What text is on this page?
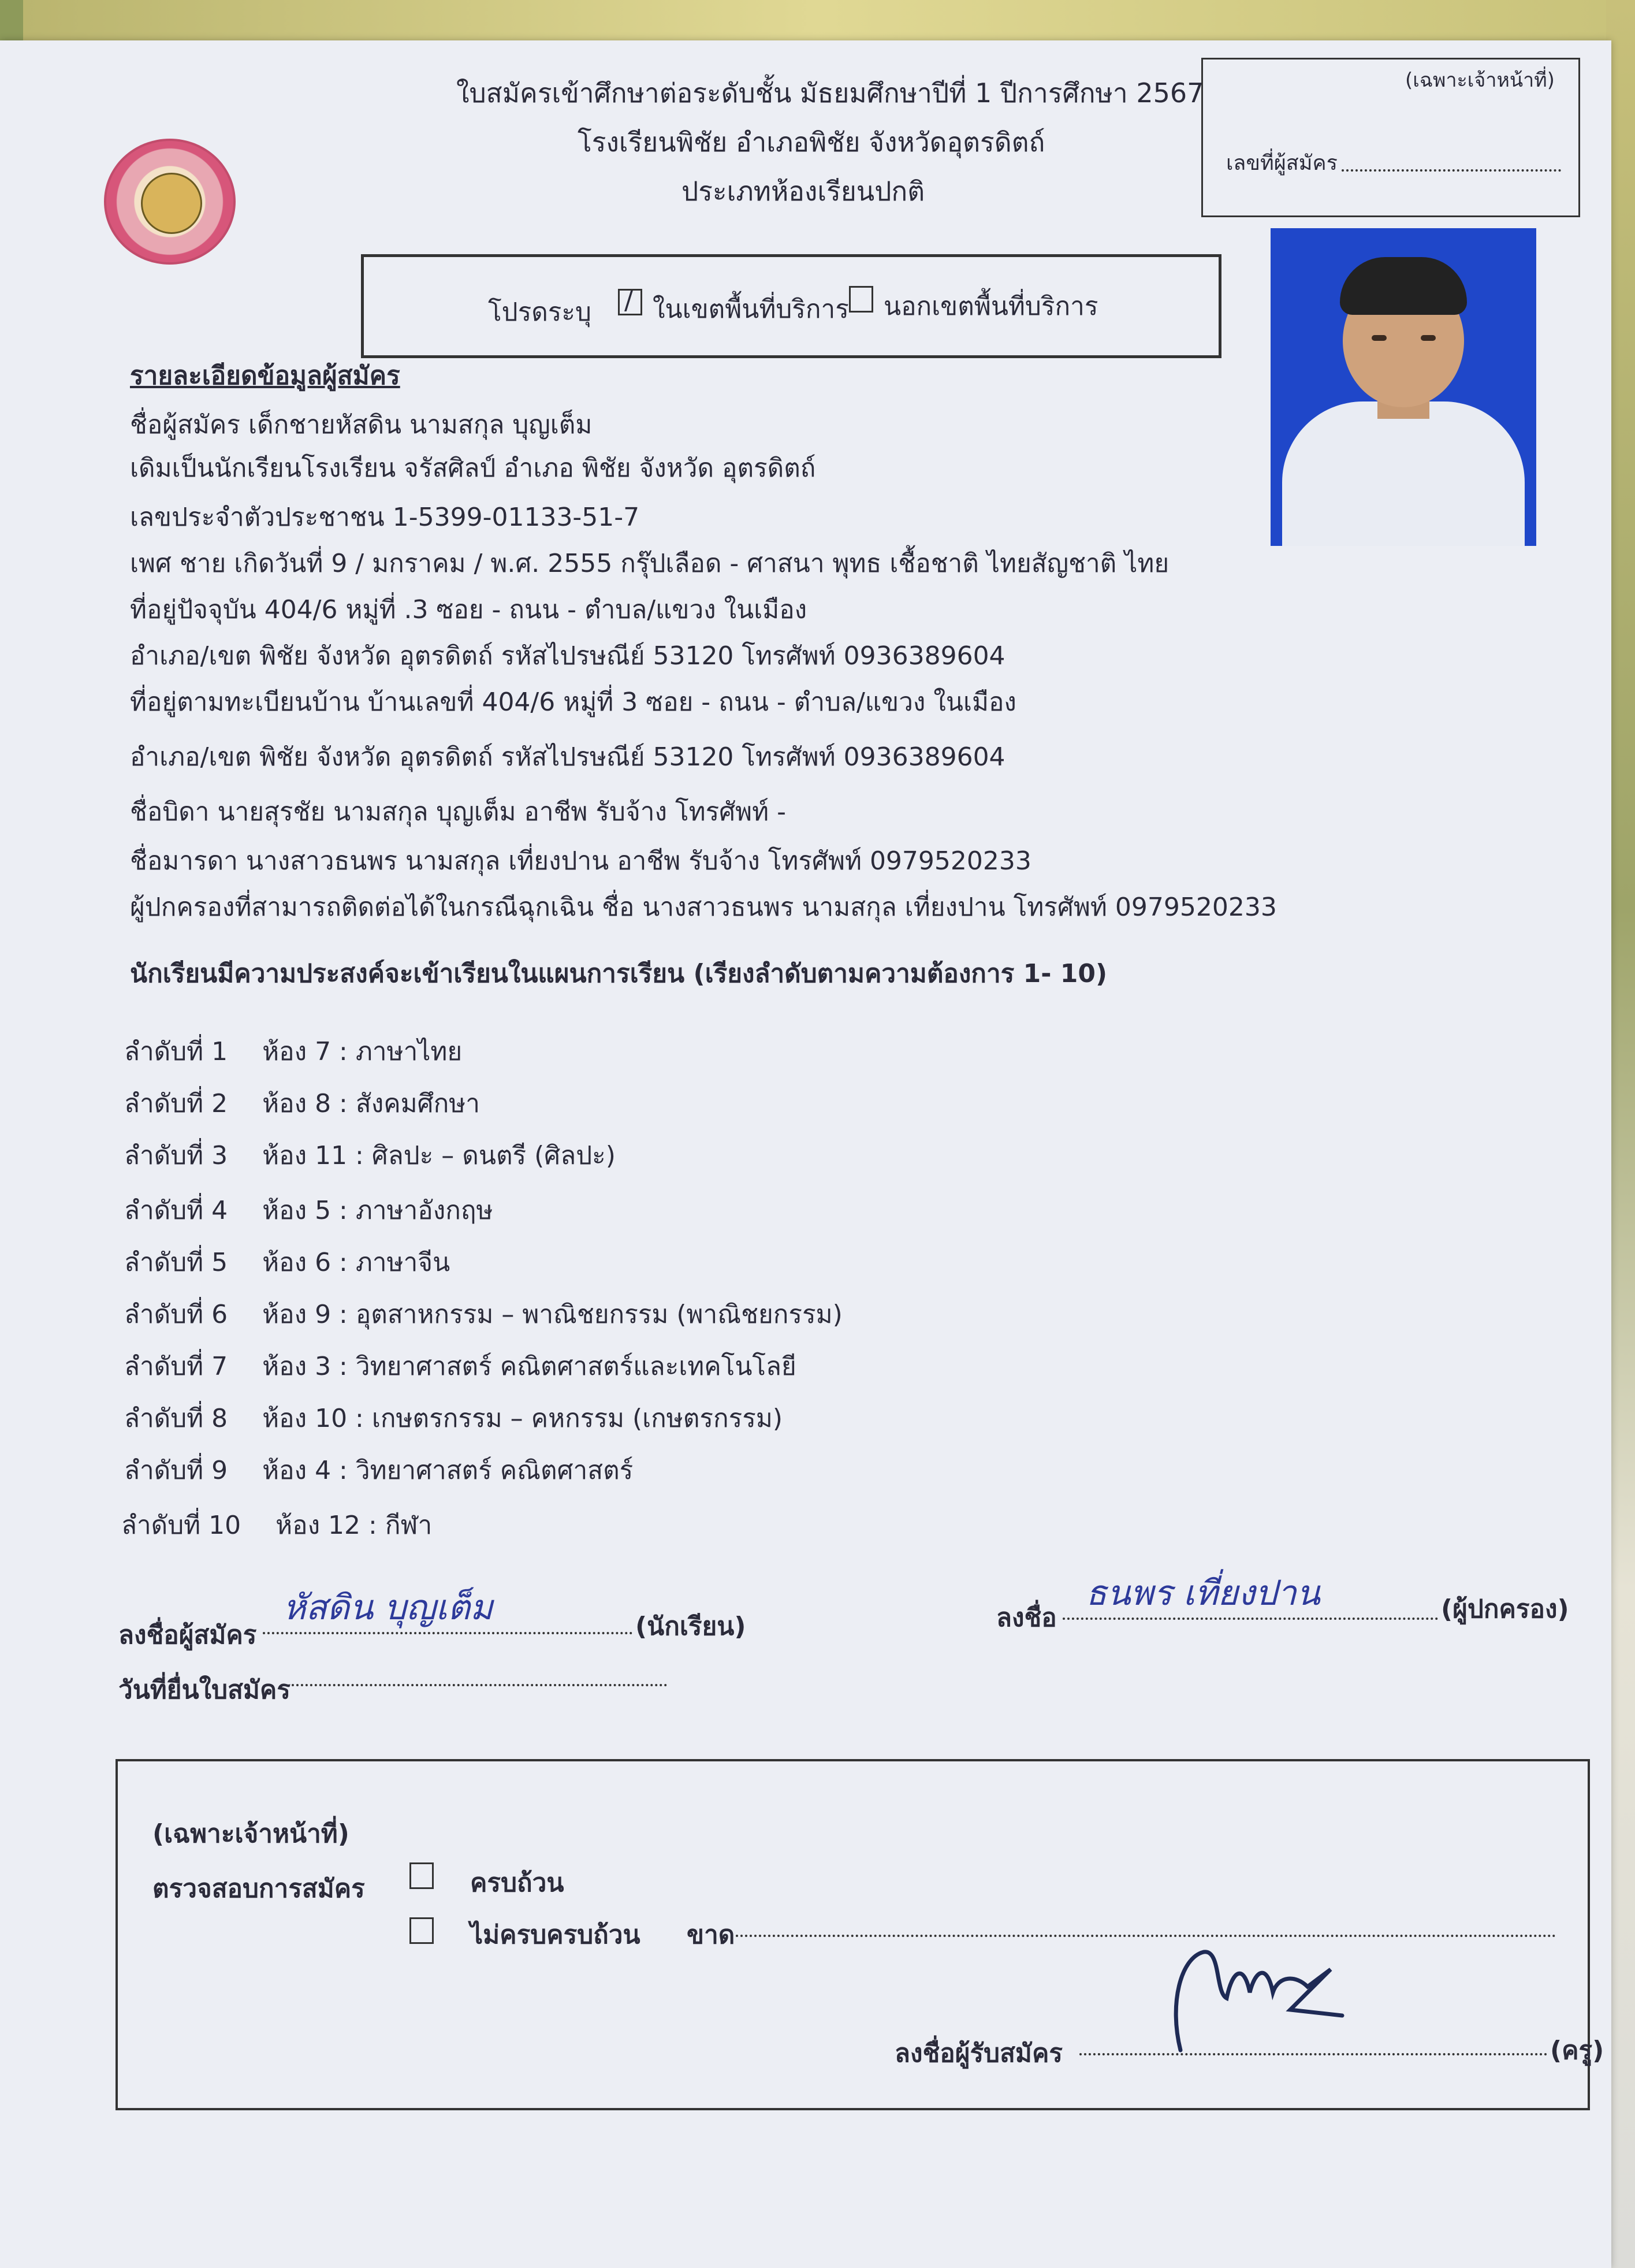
(เฉพาะเจ้าหน้าที่)
เลขที่ผู้สมัคร
ใบสมัครเข้าศึกษาต่อระดับชั้น มัธยมศึกษาปีที่ 1 ปีการศึกษา 2567
โรงเรียนพิชัย อำเภอพิชัย จังหวัดอุตรดิตถ์
ประเภทห้องเรียนปกติ
โปรดระบุ / ในเขตพื้นที่บริการ นอกเขตพื้นที่บริการ
รายละเอียดข้อมูลผู้สมัคร
ชื่อผู้สมัคร เด็กชายหัสดิน นามสกุล บุญเต็ม
เดิมเป็นนักเรียนโรงเรียน จรัสศิลป์ อำเภอ พิชัย จังหวัด อุตรดิตถ์
เลขประจำตัวประชาชน 1-5399-01133-51-7
เพศ ชาย เกิดวันที่ 9 / มกราคม / พ.ศ. 2555 กรุ๊ปเลือด - ศาสนา พุทธ เชื้อชาติ ไทยสัญชาติ ไทย
ที่อยู่ปัจจุบัน 404/6 หมู่ที่ .3 ซอย - ถนน - ตำบล/แขวง ในเมือง
อำเภอ/เขต พิชัย จังหวัด อุตรดิตถ์ รหัสไปรษณีย์ 53120 โทรศัพท์ 0936389604
ที่อยู่ตามทะเบียนบ้าน บ้านเลขที่ 404/6 หมู่ที่ 3 ซอย - ถนน - ตำบล/แขวง ในเมือง
อำเภอ/เขต พิชัย จังหวัด อุตรดิตถ์ รหัสไปรษณีย์ 53120 โทรศัพท์ 0936389604
ชื่อบิดา นายสุรชัย นามสกุล บุญเต็ม อาชีพ รับจ้าง โทรศัพท์ -
ชื่อมารดา นางสาวธนพร นามสกุล เที่ยงปาน อาชีพ รับจ้าง โทรศัพท์ 0979520233
ผู้ปกครองที่สามารถติดต่อได้ในกรณีฉุกเฉิน ชื่อ นางสาวธนพร นามสกุล เที่ยงปาน โทรศัพท์ 0979520233
นักเรียนมีความประสงค์จะเข้าเรียนในแผนการเรียน (เรียงลำดับตามความต้องการ 1- 10)
ลำดับที่ 1 ห้อง 7 : ภาษาไทย
ลำดับที่ 2 ห้อง 8 : สังคมศึกษา
ลำดับที่ 3 ห้อง 11 : ศิลปะ – ดนตรี (ศิลปะ)
ลำดับที่ 4 ห้อง 5 : ภาษาอังกฤษ
ลำดับที่ 5 ห้อง 6 : ภาษาจีน
ลำดับที่ 6 ห้อง 9 : อุตสาหกรรม – พาณิชยกรรม (พาณิชยกรรม)
ลำดับที่ 7 ห้อง 3 : วิทยาศาสตร์ คณิตศาสตร์และเทคโนโลยี
ลำดับที่ 8 ห้อง 10 : เกษตรกรรม – คหกรรม (เกษตรกรรม)
ลำดับที่ 9 ห้อง 4 : วิทยาศาสตร์ คณิตศาสตร์
ลำดับที่ 10 ห้อง 12 : กีฬา
ลงชื่อผู้สมัคร
หัสดิน บุญเต็ม	(นักเรียน)	ลงชื่อ
ธนพร เที่ยงปาน	(ผู้ปกครอง)
วันที่ยื่นใบสมัคร
(เฉพาะเจ้าหน้าที่)
ตรวจสอบการสมัคร	ครบถ้วน
ไม่ครบครบถ้วน ขาด
ลงชื่อผู้รับสมัคร	(ครู)
